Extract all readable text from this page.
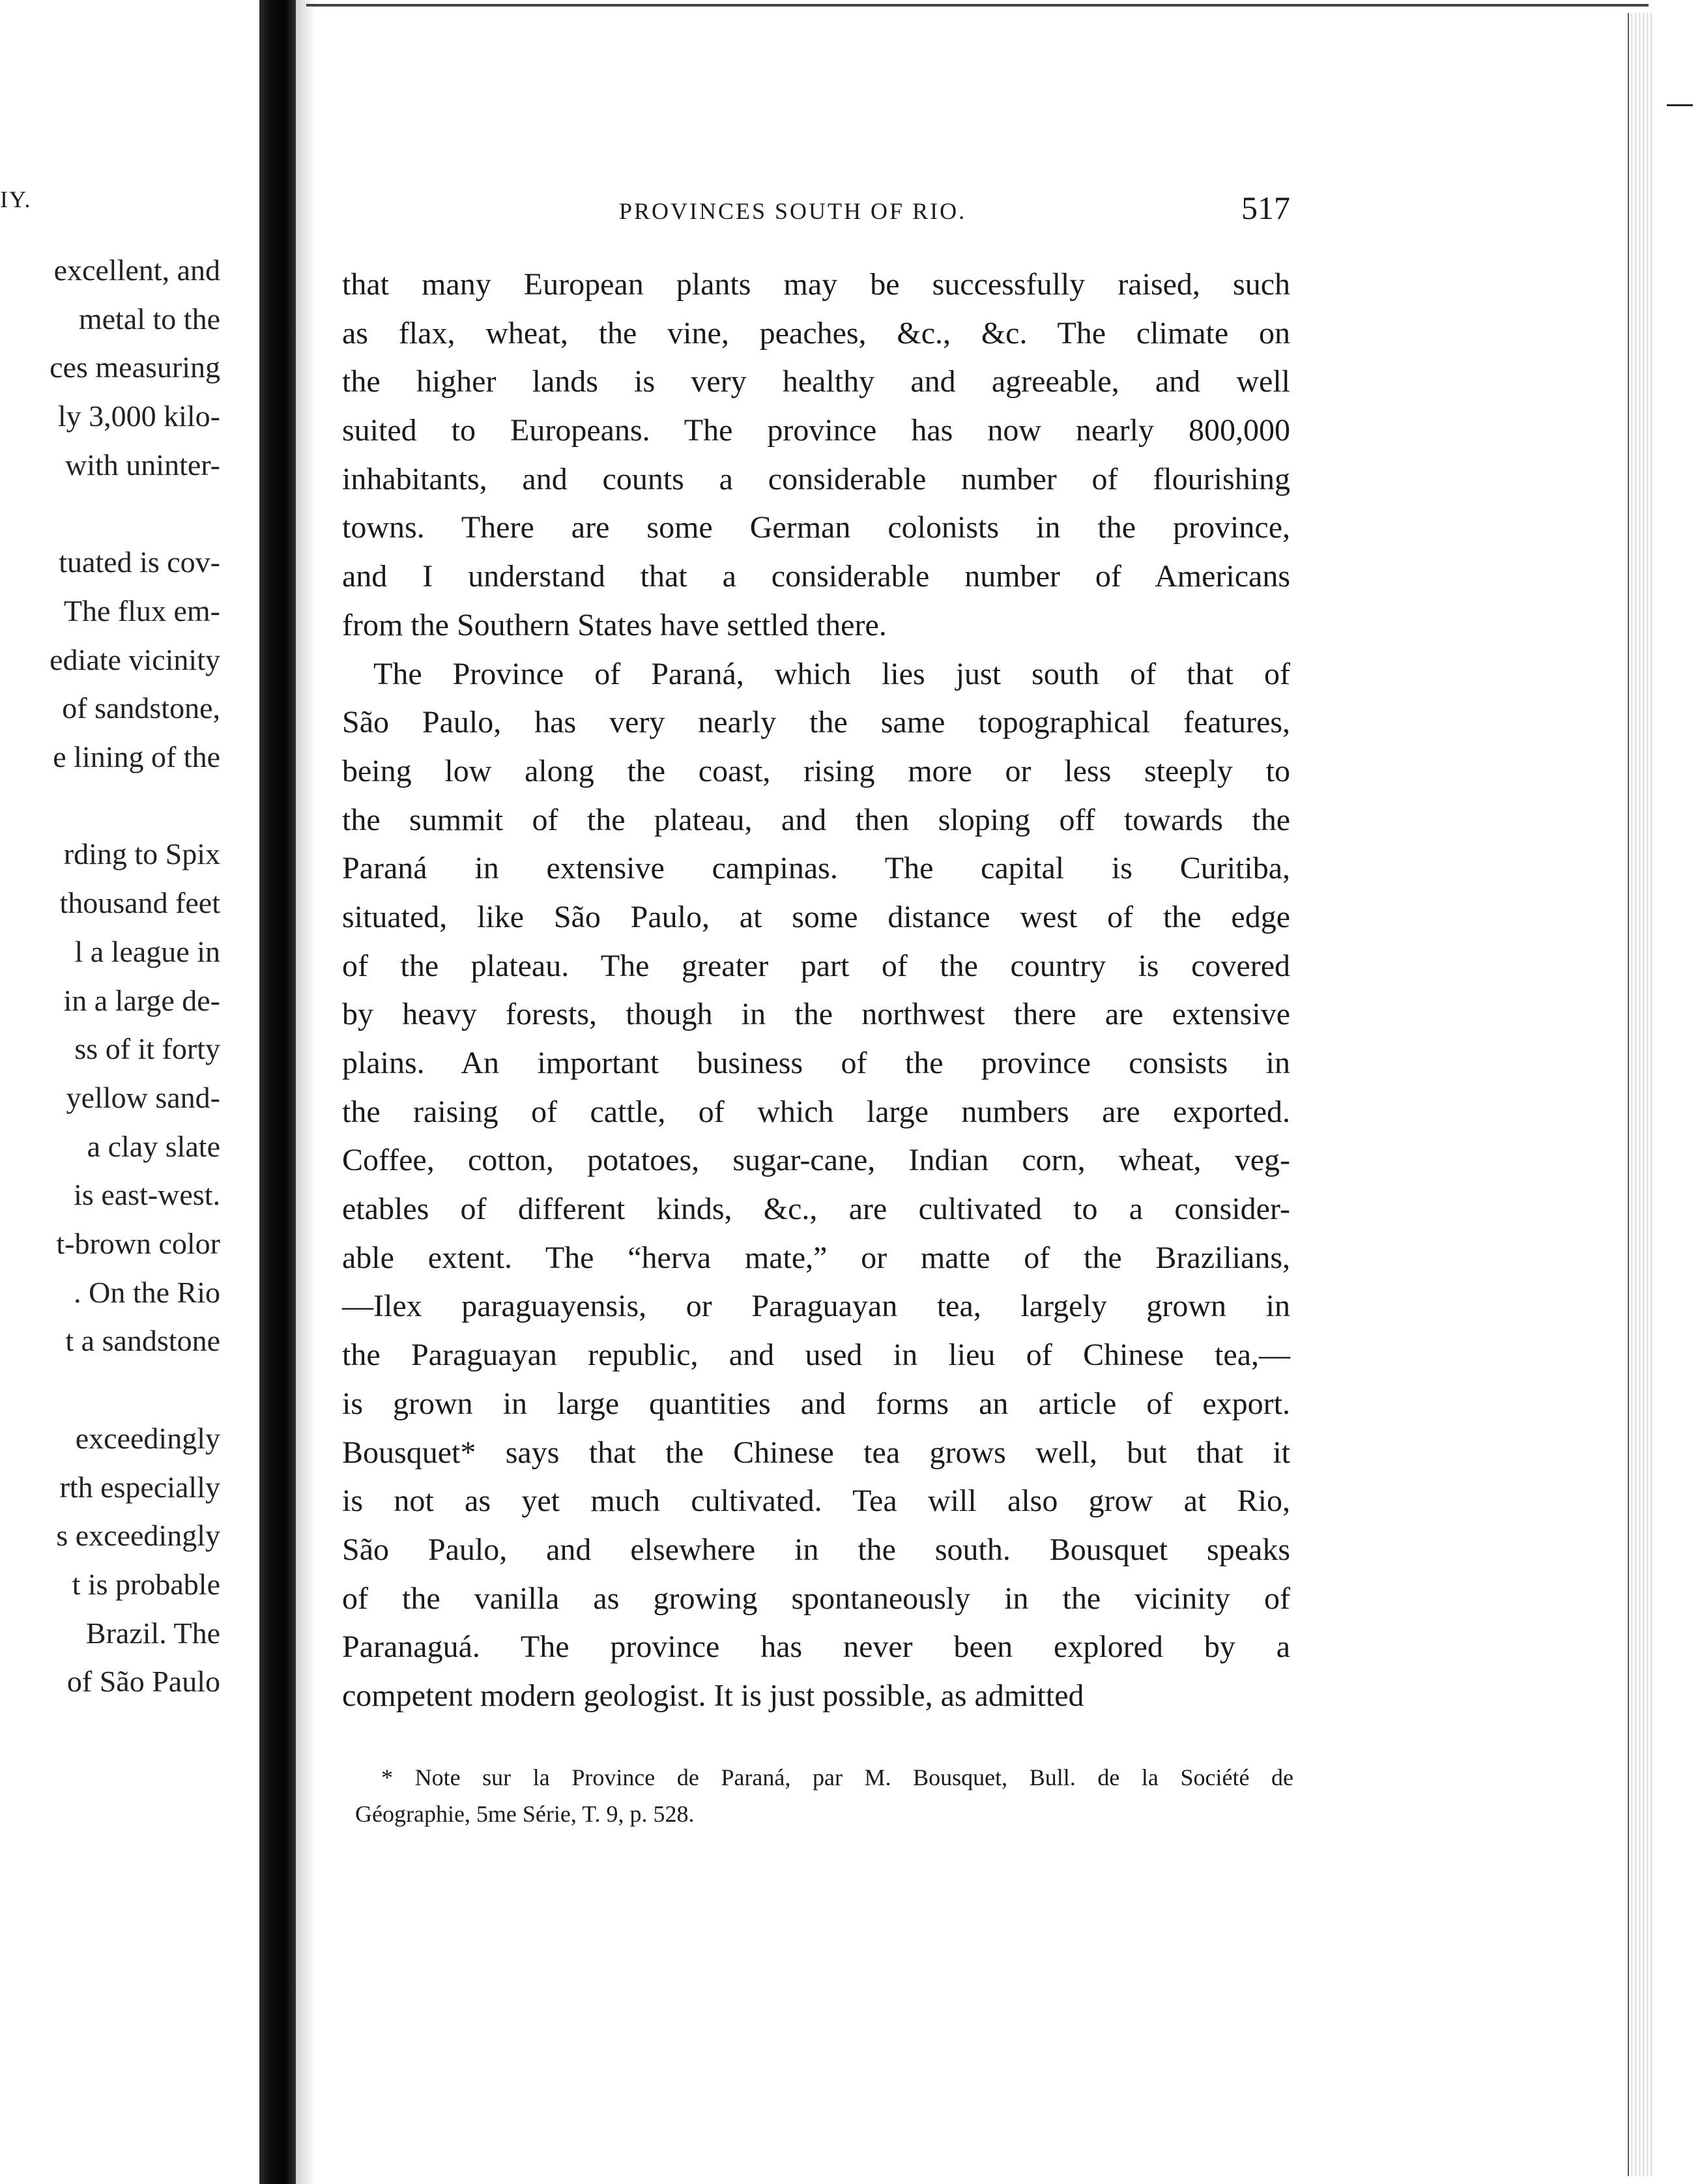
IY.
excellent, and
metal to the
ces measuring
ly 3,000 kilo-
with uninter-
tuated is cov-
The flux em-
ediate vicinity
of sandstone,
e lining of the
rding to Spix
thousand feet
l a league in
in a large de-
ss of it forty
yellow sand-
a clay slate
is east-west.
t-brown color
. On the Rio
t a sandstone
exceedingly
rth especially
s exceedingly
t is probable
Brazil. The
of São Paulo
PROVINCES SOUTH OF RIO.	517
that many European plants may be successfully raised, such
as flax, wheat, the vine, peaches, &c., &c. The climate on
the higher lands is very healthy and agreeable, and well
suited to Europeans. The province has now nearly 800,000
inhabitants, and counts a considerable number of flourishing
towns. There are some German colonists in the province,
and I understand that a considerable number of Americans
from the Southern States have settled there.
The Province of Paraná, which lies just south of that of
São Paulo, has very nearly the same topographical features,
being low along the coast, rising more or less steeply to
the summit of the plateau, and then sloping off towards the
Paraná in extensive campinas. The capital is Curitiba,
situated, like São Paulo, at some distance west of the edge
of the plateau. The greater part of the country is covered
by heavy forests, though in the northwest there are extensive
plains. An important business of the province consists in
the raising of cattle, of which large numbers are exported.
Coffee, cotton, potatoes, sugar-cane, Indian corn, wheat, veg-
etables of different kinds, &c., are cultivated to a consider-
able extent. The “herva mate,” or matte of the Brazilians,
—Ilex paraguayensis, or Paraguayan tea, largely grown in
the Paraguayan republic, and used in lieu of Chinese tea,—
is grown in large quantities and forms an article of export.
Bousquet* says that the Chinese tea grows well, but that it
is not as yet much cultivated. Tea will also grow at Rio,
São Paulo, and elsewhere in the south. Bousquet speaks
of the vanilla as growing spontaneously in the vicinity of
Paranaguá. The province has never been explored by a
competent modern geologist. It is just possible, as admitted
* Note sur la Province de Paraná, par M. Bousquet, Bull. de la Société de
Géographie, 5me Série, T. 9, p. 528.
